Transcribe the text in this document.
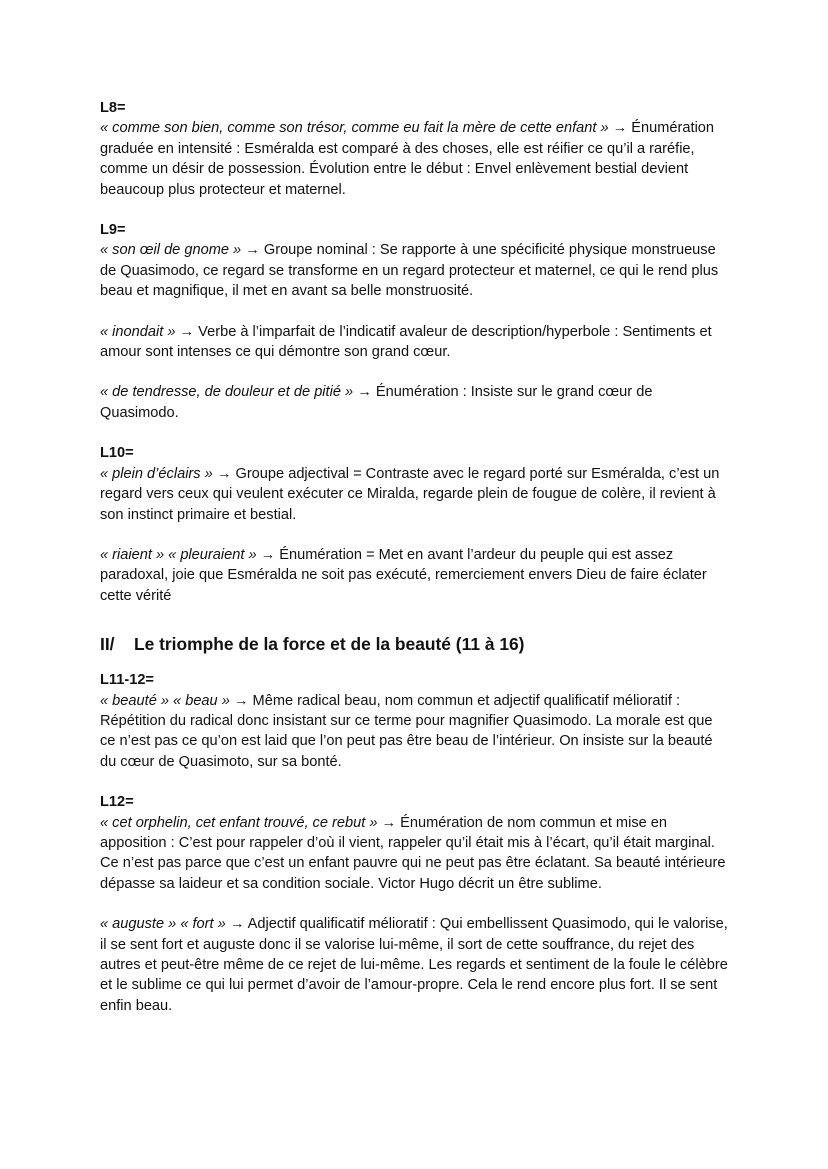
L8=

« comme son bien, comme son trésor, comme eu fait la mère de cette enfant » → Énumération graduée en intensité : Esméralda est comparé à des choses, elle est réifier ce qu’il a raréfie, comme un désir de possession. Évolution entre le début : Envel enlèvement bestial devient beaucoup plus protecteur et maternel.

L9=

« son œil de gnome » → Groupe nominal : Se rapporte à une spécificité physique monstrueuse de Quasimodo, ce regard se transforme en un regard protecteur et maternel, ce qui le rend plus beau et magnifique, il met en avant sa belle monstruosité.

« inondait » → Verbe à l’imparfait de l’indicatif avaleur de description/hyperbole : Sentiments et amour sont intenses ce qui démontre son grand cœur.

« de tendresse, de douleur et de pitié » → Énumération : Insiste sur le grand cœur de Quasimodo.

L10=

« plein d’éclairs » → Groupe adjectival = Contraste avec le regard porté sur Esméralda, c’est un regard vers ceux qui veulent exécuter ce Miralda, regarde plein de fougue de colère, il revient à son instinct primaire et bestial.

« riaient » « pleuraient » → Énumération = Met en avant l’ardeur du peuple qui est assez paradoxal, joie que Esméralda ne soit pas exécuté, remerciement envers Dieu de faire éclater cette vérité

II/	Le triomphe de la force et de la beauté (11 à 16)
L11-12=

« beauté » « beau » → Même radical beau, nom commun et adjectif qualificatif mélioratif : Répétition du radical donc insistant sur ce terme pour magnifier Quasimodo. La morale est que ce n’est pas ce qu’on est laid que l’on peut pas être beau de l’intérieur. On insiste sur la beauté du cœur de Quasimoto, sur sa bonté.

L12=

« cet orphelin, cet enfant trouvé, ce rebut » → Énumération de nom commun et mise en apposition : C’est pour rappeler d’où il vient, rappeler qu’il était mis à l’écart, qu’il était marginal. Ce n’est pas parce que c’est un enfant pauvre qui ne peut pas être éclatant. Sa beauté intérieure dépasse sa laideur et sa condition sociale. Victor Hugo décrit un être sublime.

« auguste » « fort » → Adjectif qualificatif mélioratif : Qui embellissent Quasimodo, qui le valorise, il se sent fort et auguste donc il se valorise lui-même, il sort de cette souffrance, du rejet des autres et peut-être même de ce rejet de lui-même. Les regards et sentiment de la foule le célèbre et le sublime ce qui lui permet d’avoir de l’amour-propre. Cela le rend encore plus fort. Il se sent enfin beau.
